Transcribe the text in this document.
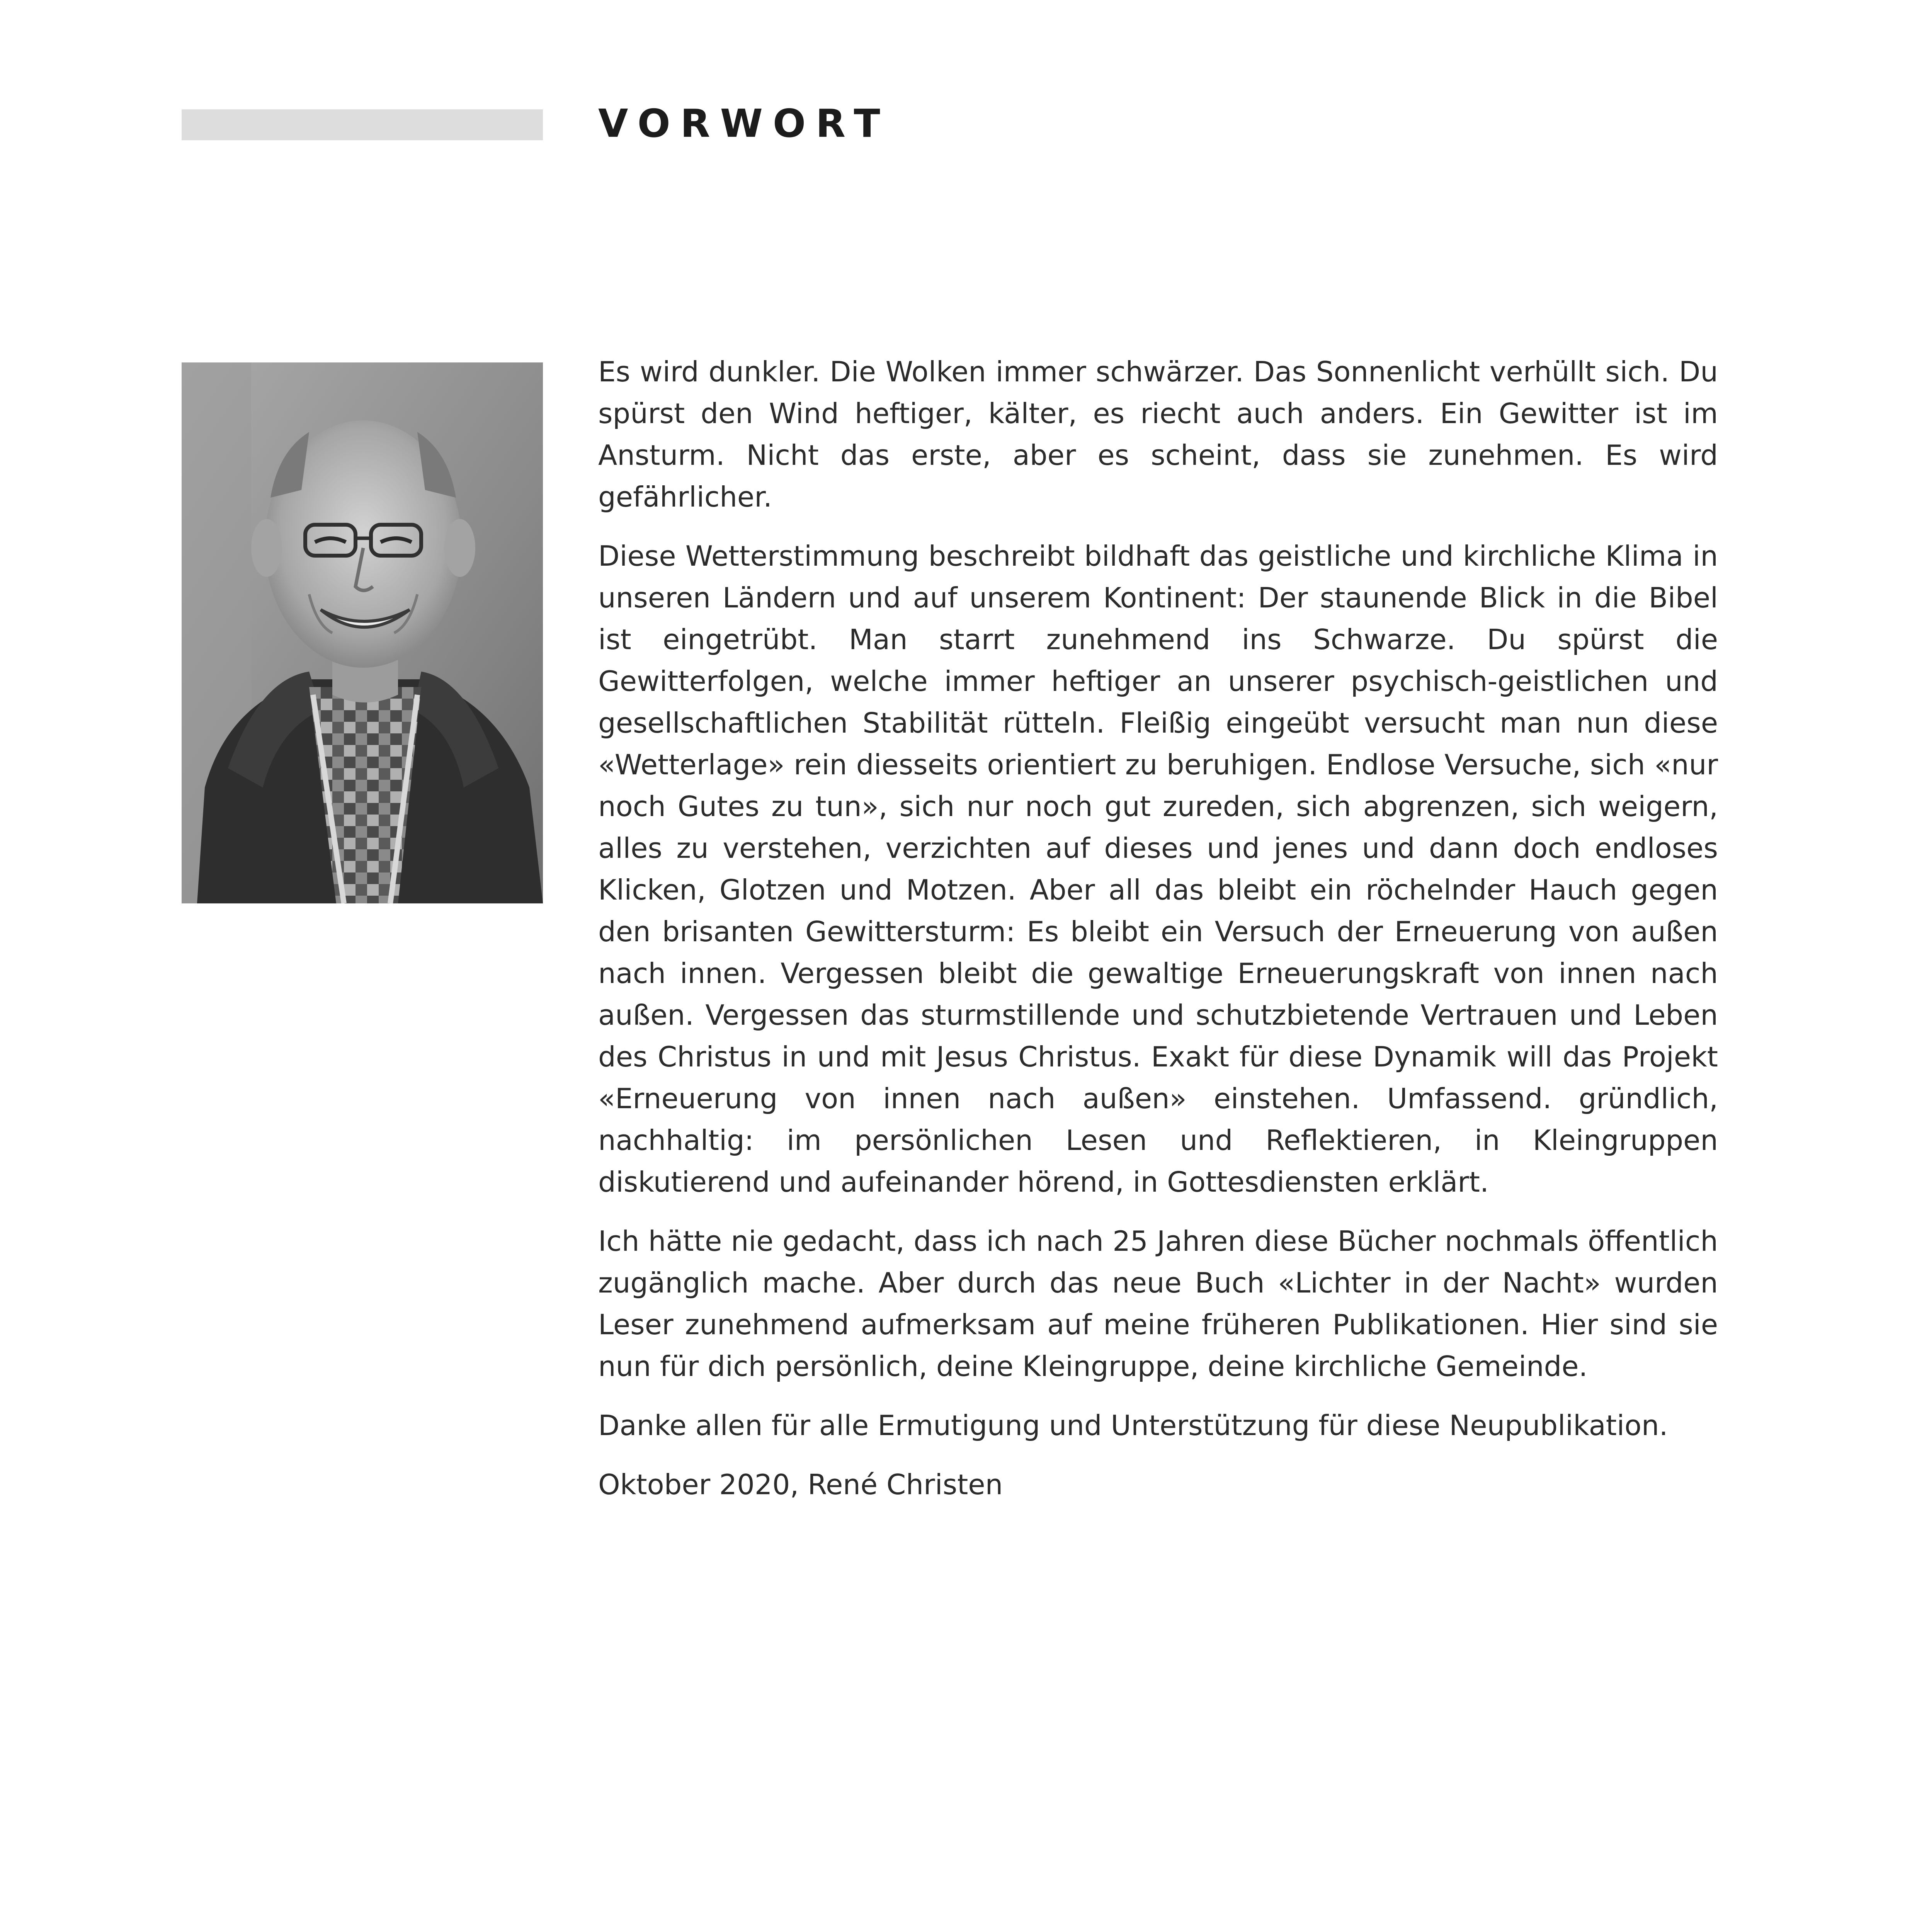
VORWORT

Es wird dunkler. Die Wolken immer schwärzer. Das Sonnenlicht verhüllt sich. Du spürst den Wind heftiger, kälter, es riecht auch anders. Ein Gewitter ist im Ansturm. Nicht das erste, aber es scheint, dass sie zunehmen. Es wird gefährlicher.

Diese Wetterstimmung beschreibt bildhaft das geistliche und kirchliche Klima in unseren Ländern und auf unserem Kontinent: Der staunende Blick in die Bibel ist eingetrübt. Man starrt zunehmend ins Schwarze. Du spürst die Gewitterfolgen, welche immer heftiger an unserer psychisch-geistlichen und gesellschaftlichen Stabilität rütteln. Fleißig eingeübt versucht man nun diese «Wetterlage» rein diesseits orientiert zu beruhigen. Endlose Versuche, sich «nur noch Gutes zu tun», sich nur noch gut zureden, sich abgrenzen, sich weigern, alles zu verstehen, verzichten auf dieses und jenes und dann doch endloses Klicken, Glotzen und Motzen. Aber all das bleibt ein röchelnder Hauch gegen den brisanten Gewittersturm: Es bleibt ein Versuch der Erneuerung von außen nach innen. Vergessen bleibt die gewaltige Erneuerungskraft von innen nach außen. Vergessen das sturmstillende und schutzbietende Vertrauen und Leben des Christus in und mit Jesus Christus. Exakt für diese Dynamik will das Projekt «Erneuerung von innen nach außen» einstehen. Umfassend. gründlich, nachhaltig: im persönlichen Lesen und Reflektieren, in Kleingruppen diskutierend und aufeinander hörend, in Gottesdiensten erklärt.

Ich hätte nie gedacht, dass ich nach 25 Jahren diese Bücher nochmals öffentlich zugänglich mache. Aber durch das neue Buch «Lichter in der Nacht» wurden Leser zunehmend aufmerksam auf meine früheren Publikationen. Hier sind sie nun für dich persönlich, deine Kleingruppe, deine kirchliche Gemeinde.

Danke allen für alle Ermutigung und Unterstützung für diese Neupublikation.

Oktober 2020, René Christen
